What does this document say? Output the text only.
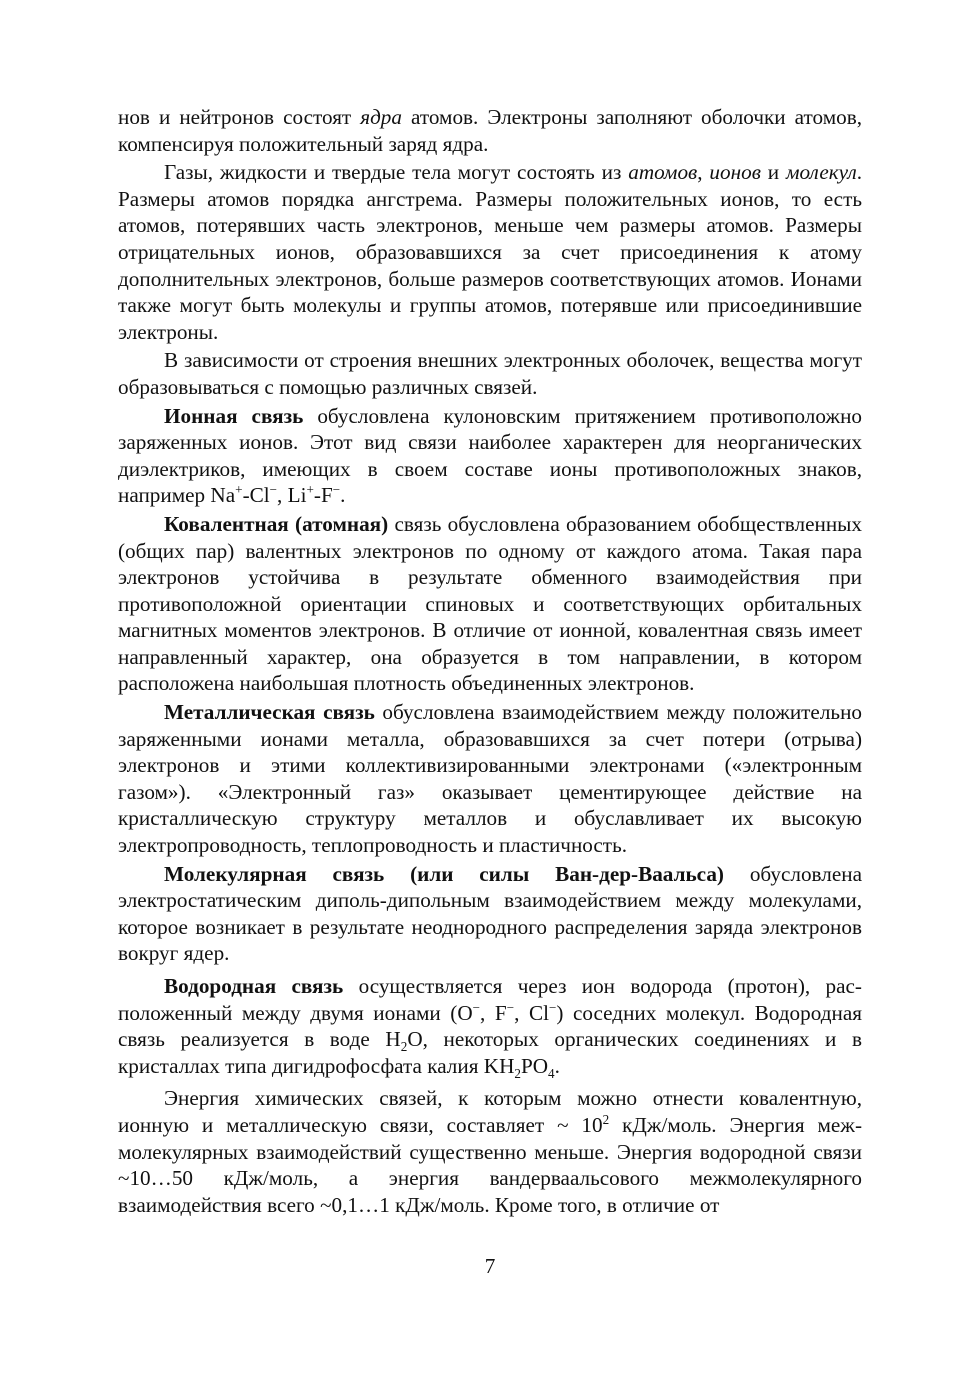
нов и нейтронов состоят ядра атомов. Электроны заполняют оболочки атомов, компенсируя положительный заряд ядра.

Газы, жидкости и твердые тела могут состоять из атомов, ионов и молекул. Размеры атомов порядка ангстрема. Размеры положительных ионов, то есть атомов, потерявших часть электронов, меньше чем размеры атомов. Размеры отрицательных ионов, образовавшихся за счет присоединения к атому дополнительных электронов, больше размеров соответствующих атомов. Ионами также могут быть молекулы и группы атомов, потерявше или присоединившие электроны.

В зависимости от строения внешних электронных оболочек, вещества могут образовываться с помощью различных связей.

Ионная связь обусловлена кулоновским притяжением противоположно заряженных ионов. Этот вид связи наиболее характерен для неорганических диэлектриков, имеющих в своем составе ионы противоположных знаков, например Na+-Cl−, Li+-F−.

Ковалентная (атомная) связь обусловлена образованием обобществленных (общих пар) валентных электронов по одному от каждого атома. Такая пара электронов устойчива в результате обменного взаимодействия при противоположной ориентации спиновых и соответствующих орбитальных магнитных моментов электронов. В отличие от ионной, ковалентная связь имеет направленный характер, она образуется в том направлении, в котором расположена наибольшая плотность объединенных электронов.

Металлическая связь обусловлена взаимодействием между положительно заряженными ионами металла, образовавшихся за счет потери (отрыва) электронов и этими коллективизированными электронами («электронным газом»). «Электронный газ» оказывает цементирующее действие на кристаллическую структуру металлов и обуславливает их высокую электропроводность, теплопроводность и пластичность.

Молекулярная связь (или силы Ван-дер-Ваальса) обусловлена электростатическим диполь-дипольным взаимодействием между молекулами, которое возникает в результате неоднородного распределения заряда электронов вокруг ядер.

Водородная связь осуществляется через ион водорода (протон), расположенный между двумя ионами (O−, F−, Cl−) соседних молекул. Водородная связь реализуется в воде $H_2O$, некоторых органических соединениях и в кристаллах типа дигидрофосфата калия $KH_2PO_4$.

Энергия химических связей, к которым можно отнести ковалентную, ионную и металлическую связи, составляет ~ $10^2$ кДж/моль. Энергия межмолекулярных взаимодействий существенно меньше. Энергия водородной связи ~10…50 кДж/моль, а энергия вандерваальсового межмолекулярного взаимодействия всего ~0,1…1 кДж/моль. Кроме того, в отличие от

7
